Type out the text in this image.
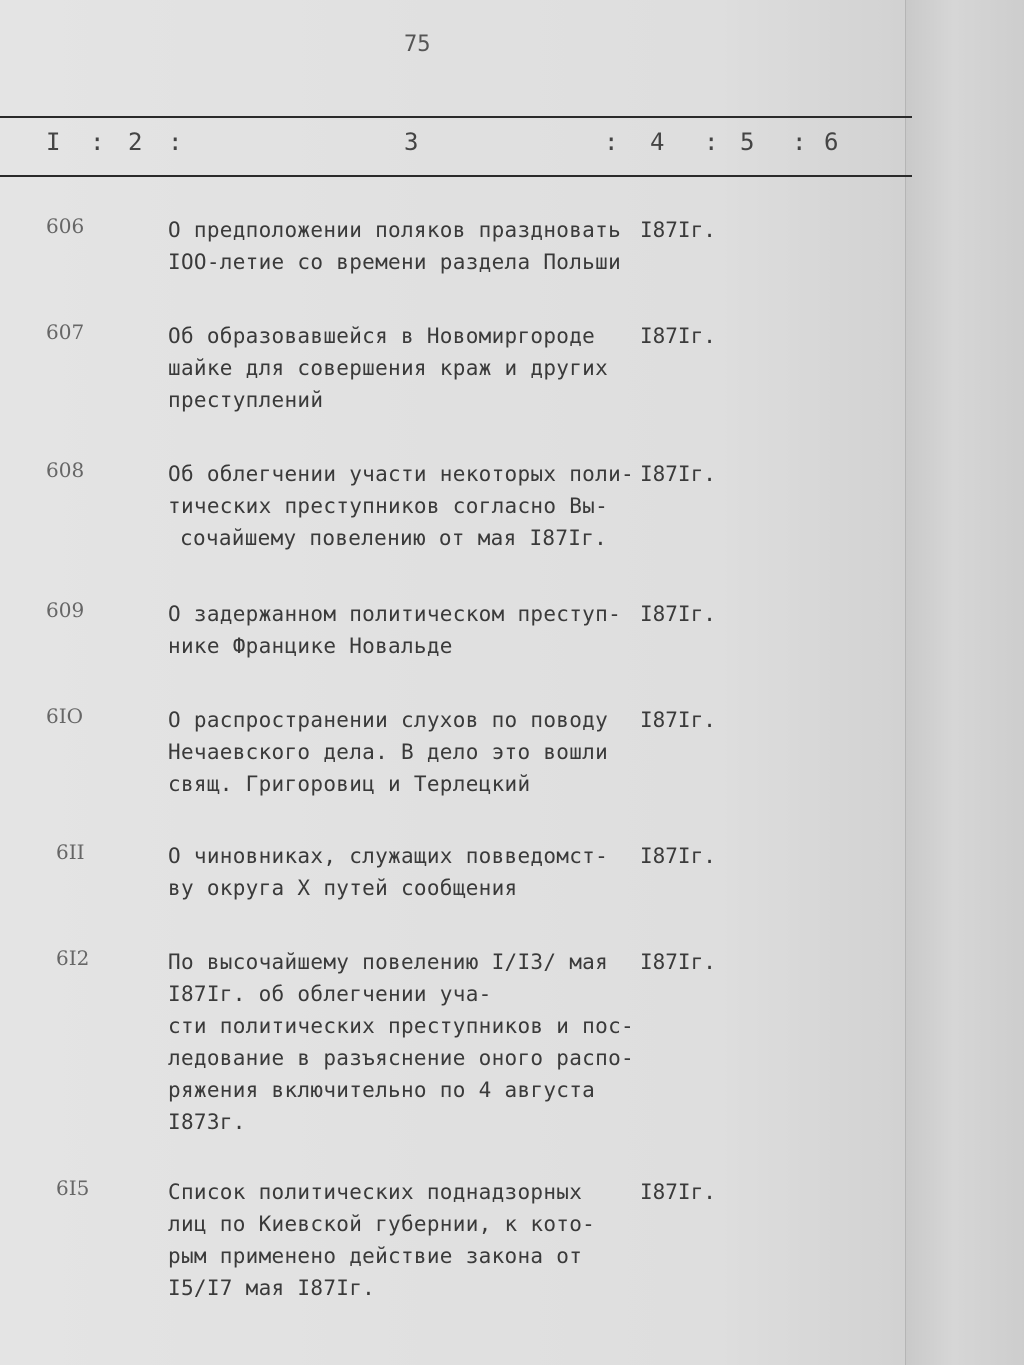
75
I : 2 :	3	: 4 : 5 : 6
606	О предположении поляков праздновать
IOO-летие со времени раздела Польши
I87Iг.
607	Об образовавшейся в Новомиргороде
шайке для совершения краж и других
преступлений
I87Iг.
608	Об облегчении участи некоторых поли-
тических преступников согласно Вы-
сочайшему повелению от мая I87Iг.
I87Iг.
609	О задержанном политическом преступ-
нике Францике Новальде
I87Iг.
6IO	О распространении слухов по поводу
Нечаевского дела. В дело это вошли
свящ. Григоровиц и Терлецкий
I87Iг.
6II	О чиновниках, служащих повведомст-
ву округа X путей сообщения
I87Iг.
6I2	По высочайшему повелению I/I3/ мая
I87Iг. об облегчении уча-
сти политических преступников и пос-
ледование в разъяснение оного распо-
ряжения включительно по 4 августа
I873г.
I87Iг.
6I5	Список политических поднадзорных
лиц по Киевской губернии, к кото-
рым применено действие закона от
I5/I7 мая I87Iг.
I87Iг.
